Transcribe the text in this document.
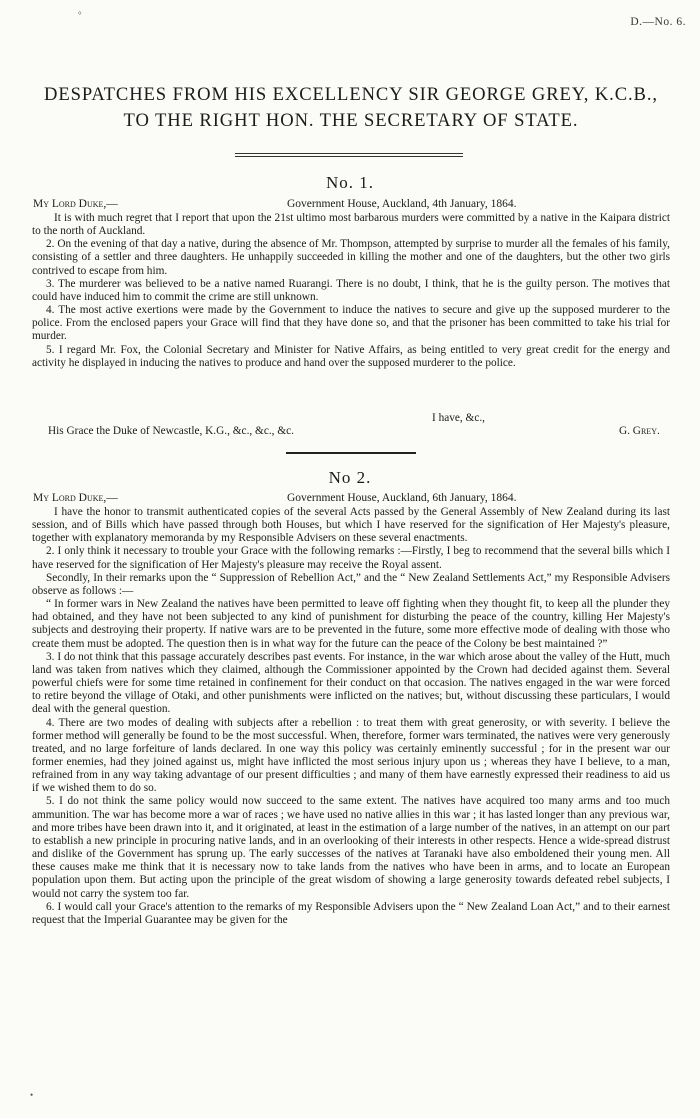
°
D.—No. 6.
DESPATCHES FROM HIS EXCELLENCY SIR GEORGE GREY, K.C.B.,
TO THE RIGHT HON. THE SECRETARY OF STATE.
No. 1.
My Lord Duke,—	Government House, Auckland, 4th January, 1864.

It is with much regret that I report that upon the 21st ultimo most barbarous murders were committed by a native in the Kaipara district to the north of Auckland.

2. On the evening of that day a native, during the absence of Mr. Thompson, attempted by surprise to murder all the females of his family, consisting of a settler and three daughters. He unhappily succeeded in killing the mother and one of the daughters, but the other two girls contrived to escape from him.

3. The murderer was believed to be a native named Ruarangi. There is no doubt, I think, that he is the guilty person. The motives that could have induced him to commit the crime are still unknown.

4. The most active exertions were made by the Government to induce the natives to secure and give up the supposed murderer to the police. From the enclosed papers your Grace will find that they have done so, and that the prisoner has been committed to take his trial for murder.

5. I regard Mr. Fox, the Colonial Secretary and Minister for Native Affairs, as being entitled to very great credit for the energy and activity he displayed in inducing the natives to produce and hand over the supposed murderer to the police.

I have, &c.,
His Grace the Duke of Newcastle, K.G., &c., &c., &c.	G. Grey.
No 2.
My Lord Duke,—	Government House, Auckland, 6th January, 1864.

I have the honor to transmit authenticated copies of the several Acts passed by the General Assembly of New Zealand during its last session, and of Bills which have passed through both Houses, but which I have reserved for the signification of Her Majesty's pleasure, together with explanatory memoranda by my Responsible Advisers on these several enactments.

2. I only think it necessary to trouble your Grace with the following remarks :—Firstly, I beg to recommend that the several bills which I have reserved for the signification of Her Majesty's pleasure may receive the Royal assent.

Secondly, In their remarks upon the “ Suppression of Rebellion Act,” and the “ New Zealand Settlements Act,” my Responsible Advisers observe as follows :—

“ In former wars in New Zealand the natives have been permitted to leave off fighting when they thought fit, to keep all the plunder they had obtained, and they have not been subjected to any kind of punishment for disturbing the peace of the country, killing Her Majesty's subjects and destroying their property. If native wars are to be prevented in the future, some more effective mode of dealing with those who create them must be adopted. The question then is in what way for the future can the peace of the Colony be best maintained ?”

3. I do not think that this passage accurately describes past events. For instance, in the war which arose about the valley of the Hutt, much land was taken from natives which they claimed, although the Commissioner appointed by the Crown had decided against them. Several powerful chiefs were for some time retained in confinement for their conduct on that occasion. The natives engaged in the war were forced to retire beyond the village of Otaki, and other punishments were inflicted on the natives; but, without discussing these particulars, I would deal with the general question.

4. There are two modes of dealing with subjects after a rebellion : to treat them with great generosity, or with severity. I believe the former method will generally be found to be the most successful. When, therefore, former wars terminated, the natives were very generously treated, and no large forfeiture of lands declared. In one way this policy was certainly eminently successful ; for in the present war our former enemies, had they joined against us, might have inflicted the most serious injury upon us ; whereas they have I believe, to a man, refrained from in any way taking advantage of our present difficulties ; and many of them have earnestly expressed their readiness to aid us if we wished them to do so.

5. I do not think the same policy would now succeed to the same extent. The natives have acquired too many arms and too much ammunition. The war has become more a war of races ; we have used no native allies in this war ; it has lasted longer than any previous war, and more tribes have been drawn into it, and it originated, at least in the estimation of a large number of the natives, in an attempt on our part to establish a new principle in procuring native lands, and in an overlooking of their interests in other respects. Hence a wide-spread distrust and dislike of the Government has sprung up. The early successes of the natives at Taranaki have also emboldened their young men. All these causes make me think that it is necessary now to take lands from the natives who have been in arms, and to locate an European population upon them. But acting upon the principle of the great wisdom of showing a large generosity towards defeated rebel subjects, I would not carry the system too far.

6. I would call your Grace's attention to the remarks of my Responsible Advisers upon the “ New Zealand Loan Act,” and to their earnest request that the Imperial Guarantee may be given for the

•
